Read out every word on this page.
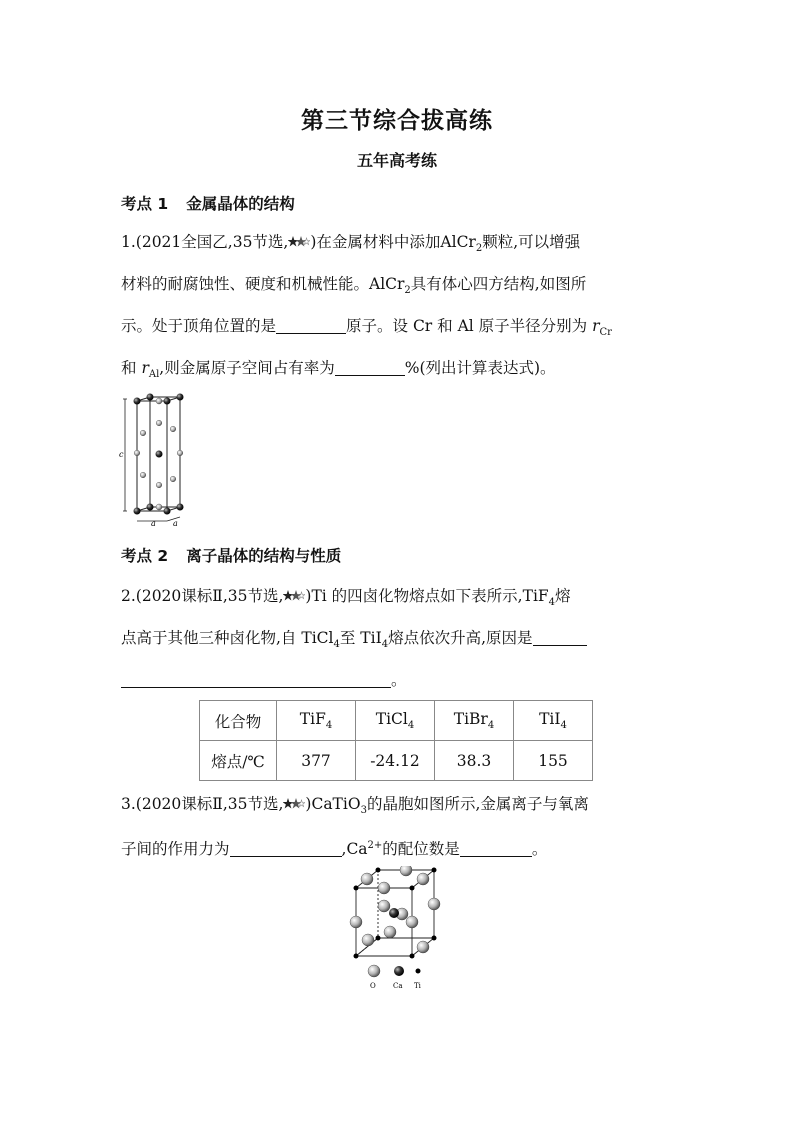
第三节综合拔高练
五年高考练
考点 1 金属晶体的结构
1.(2021全国乙,35节选, )在金属材料中添加AlCr$_2$颗粒,可以增强
材料的耐腐蚀性、硬度和机械性能。AlCr$_2$具有体心四方结构,如图所
示。处于顶角位置的是	原子。设 Cr 和 Al 原子半径分别为 $r_{Cr}$
和 $r_{Al}$,则金属原子空间占有率为	%(列出计算表达式)。
c
a a
考点 2 离子晶体的结构与性质
2.(2020课标Ⅱ,35节选, )Ti 的四卤化物熔点如下表所示,TiF$_4$熔
点高于其他三种卤化物,自 TiCl$_4$至 TiI$_4$熔点依次升高,原因是
。
化合物	TiF$_4$	TiCl$_4$	TiBr$_4$	TiI$_4$
熔点/℃	377	-24.12	38.3	155
3.(2020课标Ⅱ,35节选, )CaTiO$_3$的晶胞如图所示,金属离子与氧离
子间的作用力为	$,Ca^{2+}$的配位数是	。
O Ca Ti
